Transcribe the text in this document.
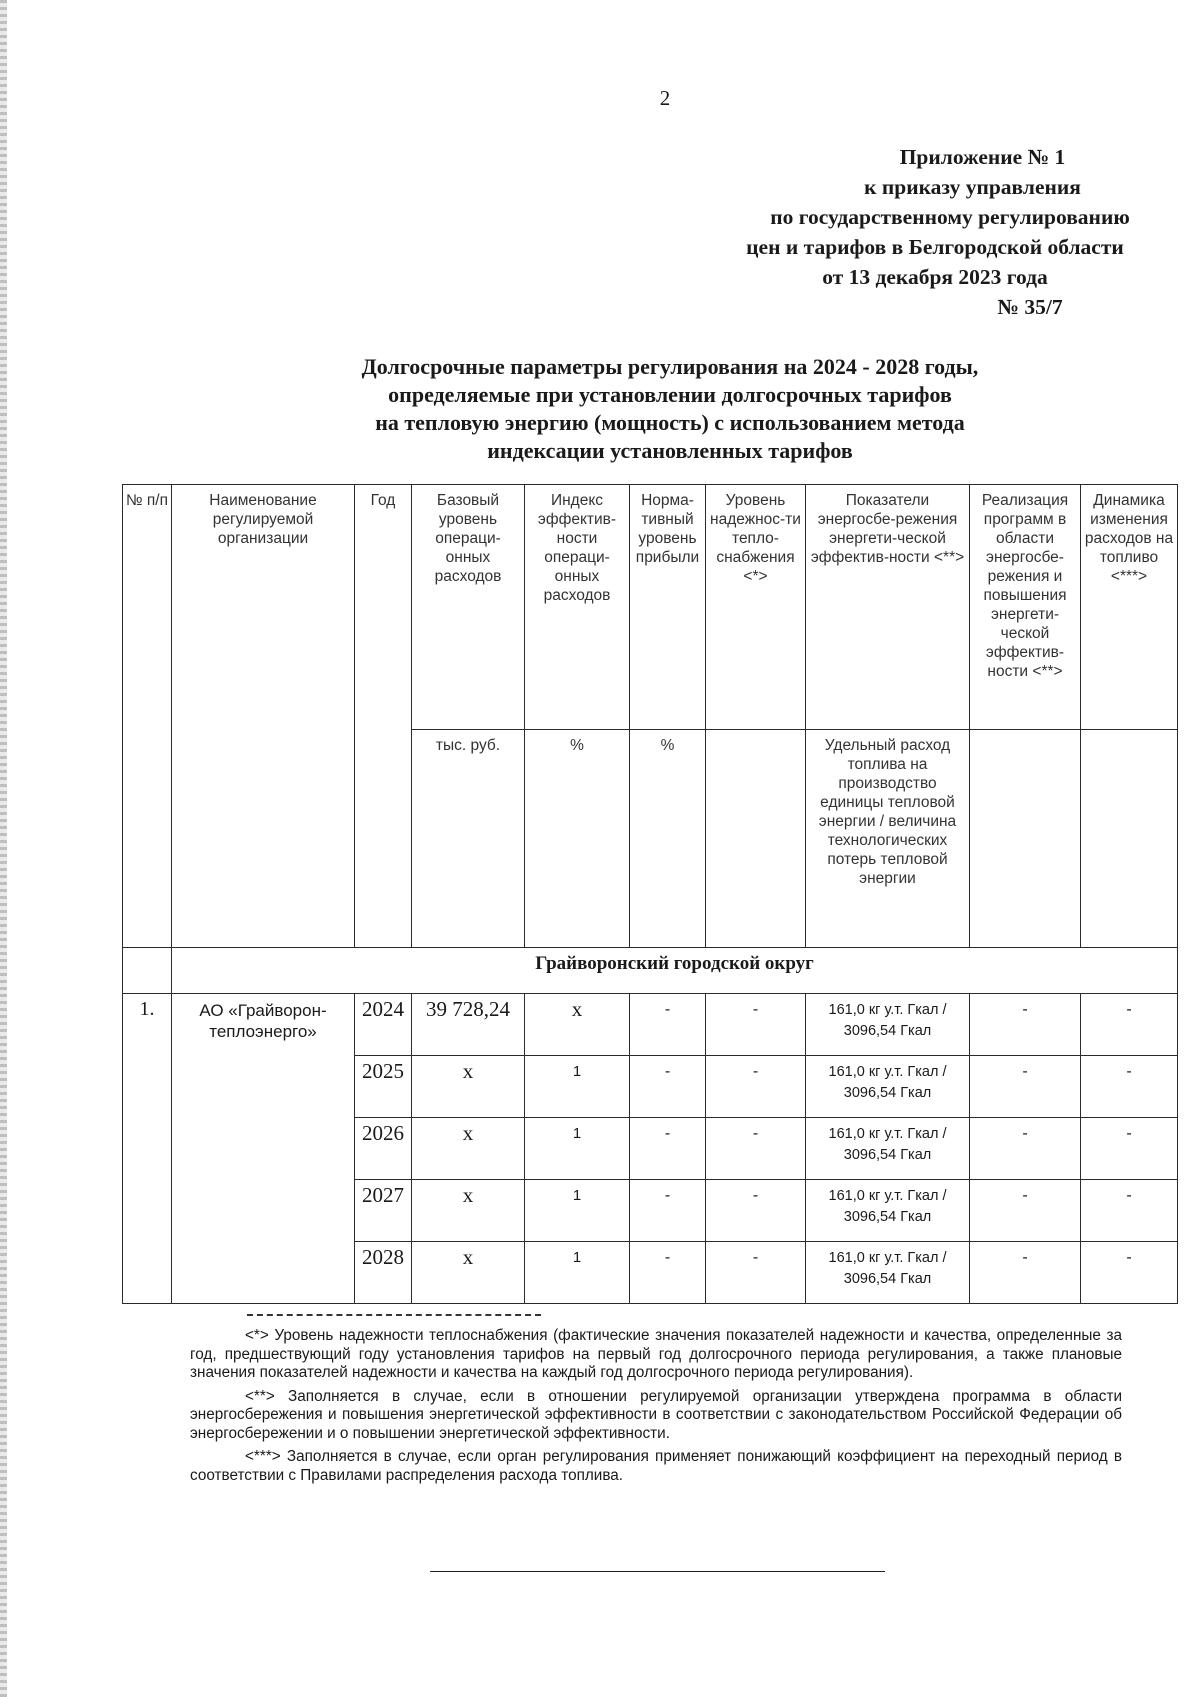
2
Приложение № 1
к приказу управления
по государственному регулированию
цен и тарифов в Белгородской области
от 13 декабря 2023 года
№ 35/7
Долгосрочные параметры регулирования на 2024 - 2028 годы,
определяемые при установлении долгосрочных тарифов
на тепловую энергию (мощность) с использованием метода
индексации установленных тарифов
№ п/п	Наименование регулируемой организации	Год	Базовый уровень операци-онных расходов	Индекс эффектив-ности операци-онных расходов	Норма-тивный уровень прибыли	Уровень надежнос-ти тепло-снабжения <*>	Показатели энергосбе-режения энергети-ческой эффектив-ности <**>	Реализация программ в области энергосбе-режения и повышения энергети-ческой эффектив-ности <**>	Динамика изменения расходов на топливо <***>
			тыс. руб.	%	%		Удельный расход топлива на производство единицы тепловой энергии / величина технологических потерь тепловой энергии		
	Грайворонский городской округ								
1.	АО «Грайворон-теплоэнерго»	2024	39 728,24	х	-	-	161,0 кг у.т. Гкал / 3096,54 Гкал	-	-
		2025	х	1	-	-	161,0 кг у.т. Гкал / 3096,54 Гкал	-	-
		2026	х	1	-	-	161,0 кг у.т. Гкал / 3096,54 Гкал	-	-
		2027	х	1	-	-	161,0 кг у.т. Гкал / 3096,54 Гкал	-	-
		2028	х	1	-	-	161,0 кг у.т. Гкал / 3096,54 Гкал	-	-

<*> Уровень надежности теплоснабжения (фактические значения показателей надежности и качества, определенные за год, предшествующий году установления тарифов на первый год долгосрочного периода регулирования, а также плановые значения показателей надежности и качества на каждый год долгосрочного периода регулирования).

<**> Заполняется в случае, если в отношении регулируемой организации утверждена программа в области энергосбережения и повышения энергетической эффективности в соответствии с законодательством Российской Федерации об энергосбережении и о повышении энергетической эффективности.

<***> Заполняется в случае, если орган регулирования применяет понижающий коэффициент на переходный период в соответствии с Правилами распределения расхода топлива.
